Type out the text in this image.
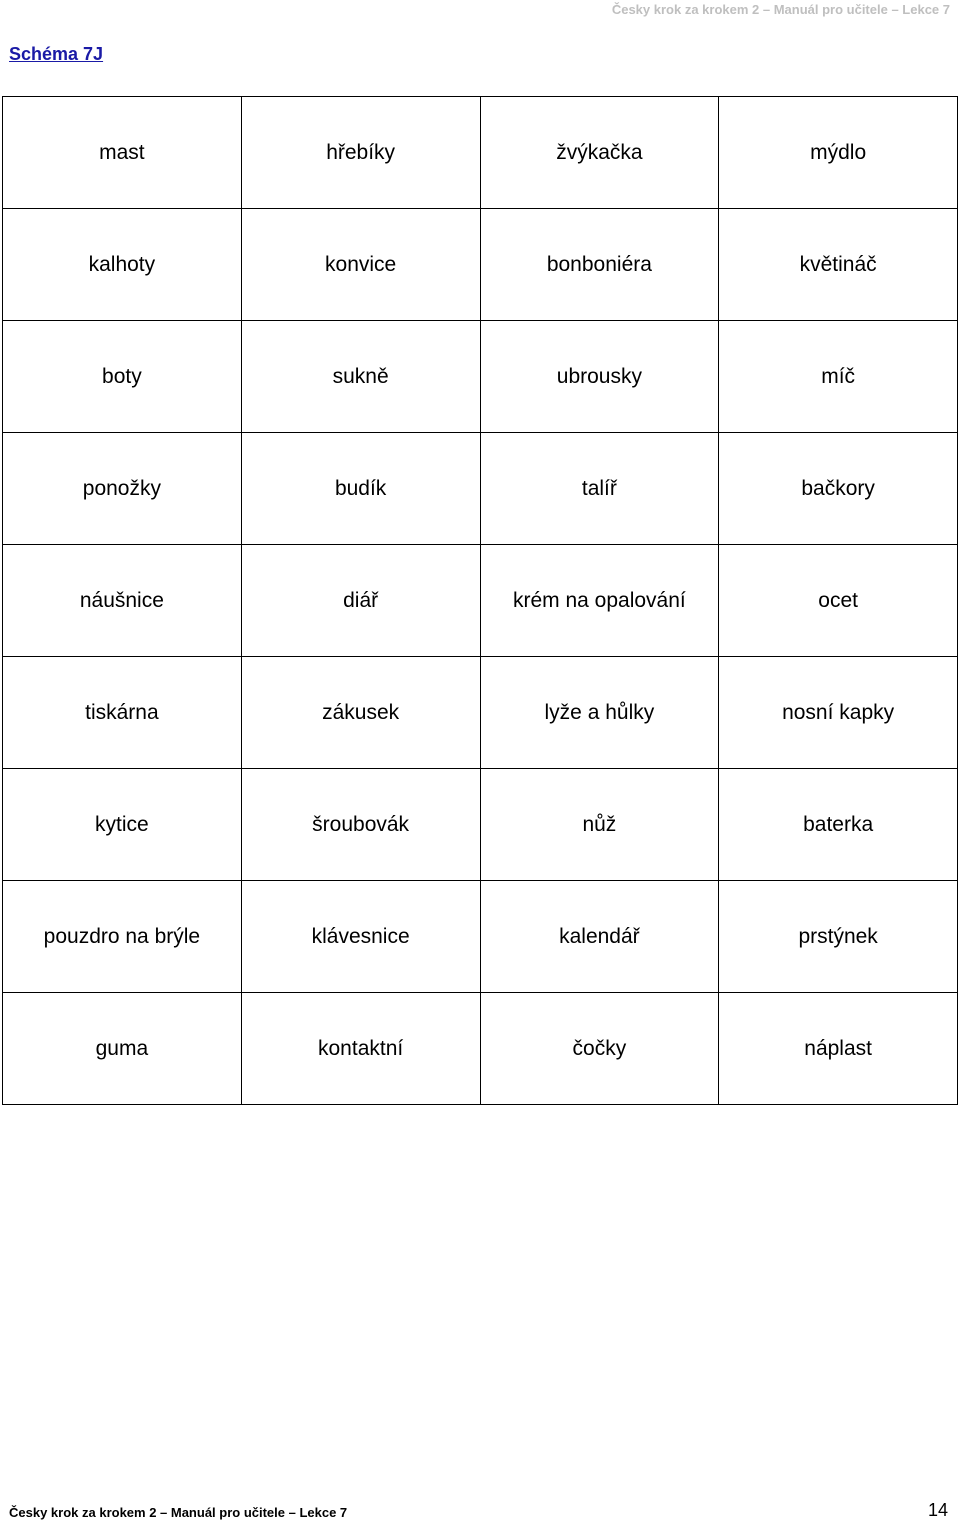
Česky krok za krokem 2 – Manuál pro učitele – Lekce 7
Schéma 7J
mast	hřebíky	žvýkačka	mýdlo
kalhoty	konvice	bonboniéra	květináč
boty	sukně	ubrousky	míč
ponožky	budík	talíř	bačkory
náušnice	diář	krém na opalování	ocet
tiskárna	zákusek	lyže a hůlky	nosní kapky
kytice	šroubovák	nůž	baterka
pouzdro na brýle	klávesnice	kalendář	prstýnek
guma	kontaktní	čočky	náplast
Česky krok za krokem 2 – Manuál pro učitele – Lekce 7	14
